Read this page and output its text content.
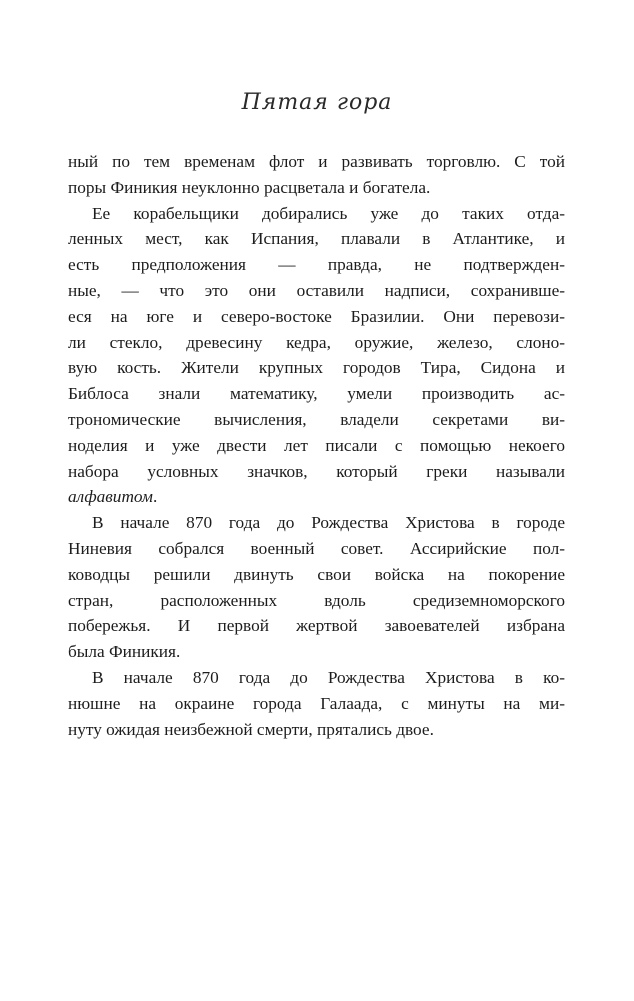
Пятая гора

ный по тем временам флот и развивать торговлю. С той
поры Финикия неуклонно расцветала и богатела.

Ее корабельщики добирались уже до таких отда-
ленных мест, как Испания, плавали в Атлантике, и
есть предположения — правда, не подтвержден-
ные, — что это они оставили надписи, сохранивше-
еся на юге и северо-востоке Бразилии. Они перевози-
ли стекло, древесину кедра, оружие, железо, слоно-
вую кость. Жители крупных городов Тира, Сидона и
Библоса знали математику, умели производить ас-
трономические вычисления, владели секретами ви-
ноделия и уже двести лет писали с помощью некоего
набора условных значков, который греки называли
алфавитом.

В начале 870 года до Рождества Христова в городе
Ниневия собрался военный совет. Ассирийские пол-
ководцы решили двинуть свои войска на покорение
стран, расположенных вдоль средиземноморского
побережья. И первой жертвой завоевателей избрана
была Финикия.

В начале 870 года до Рождества Христова в ко-
нюшне на окраине города Галаада, с минуты на ми-
нуту ожидая неизбежной смерти, прятались двое.
